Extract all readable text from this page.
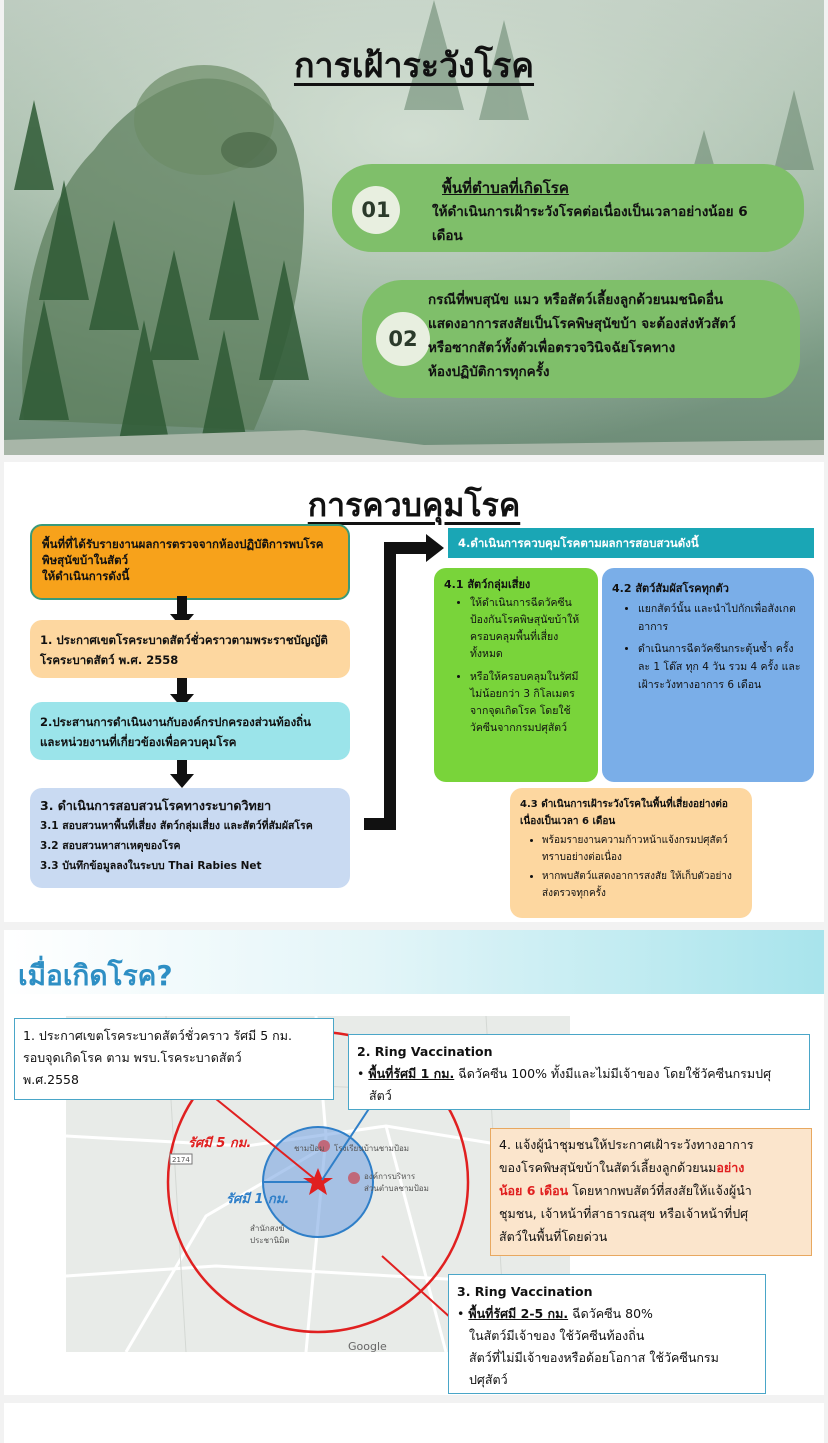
การเฝ้าระวังโรค
01
พื้นที่ตำบลที่เกิดโรค
ให้ดำเนินการเฝ้าระวังโรคต่อเนื่องเป็นเวลาอย่างน้อย 6
เดือน
02
กรณีที่พบสุนัข แมว หรือสัตว์เลี้ยงลูกด้วยนมชนิดอื่น
แสดงอาการสงสัยเป็นโรคพิษสุนัขบ้า จะต้องส่งหัวสัตว์
หรือซากสัตว์ทั้งตัวเพื่อตรวจวินิจฉัยโรคทาง
ห้องปฏิบัติการทุกครั้ง
การควบคุมโรค
พื้นที่ที่ได้รับรายงานผลการตรวจจากห้องปฏิบัติการพบโรค
พิษสุนัขบ้าในสัตว์
ให้ดำเนินการดังนี้
1. ประกาศเขตโรคระบาดสัตว์ชั่วคราวตามพระราชบัญญัติ
โรคระบาดสัตว์ พ.ศ. 2558
2.ประสานการดำเนินงานกับองค์กรปกครองส่วนท้องถิ่น
และหน่วยงานที่เกี่ยวข้องเพื่อควบคุมโรค
3. ดำเนินการสอบสวนโรคทางระบาดวิทยา
3.1 สอบสวนหาพื้นที่เสี่ยง สัตว์กลุ่มเสี่ยง และสัตว์ที่สัมผัสโรค
3.2 สอบสวนหาสาเหตุของโรค
3.3 บันทึกข้อมูลลงในระบบ Thai Rabies Net
4.ดำเนินการควบคุมโรคตามผลการสอบสวนดังนี้
4.1 สัตว์กลุ่มเสี่ยง
• ให้ดำเนินการฉีดวัคซีนป้องกันโรคพิษสุนัขบ้าให้ครอบคลุมพื้นที่เสี่ยงทั้งหมด
• หรือให้ครอบคลุมในรัศมีไม่น้อยกว่า 3 กิโลเมตร จากจุดเกิดโรค โดยใช้วัคซีนจากกรมปศุสัตว์
4.2 สัตว์สัมผัสโรคทุกตัว
• แยกสัตว์นั้น และนำไปกักเพื่อสังเกตอาการ
• ดำเนินการฉีดวัคซีนกระตุ้นซ้ำ ครั้งละ 1 โด๊ส ทุก 4 วัน รวม 4 ครั้ง และเฝ้าระวังทางอาการ 6 เดือน
4.3 ดำเนินการเฝ้าระวังโรคในพื้นที่เสี่ยงอย่างต่อเนื่องเป็นเวลา 6 เดือน
• พร้อมรายงานความก้าวหน้าแจ้งกรมปศุสัตว์ทราบอย่างต่อเนื่อง
• หากพบสัตว์แสดงอาการสงสัย ให้เก็บตัวอย่างส่งตรวจทุกครั้ง
เมื่อเกิดโรค?
รัศมี 5 กม.
รัศมี 1 กม.
ชามป้อม โรงเรียนบ้านชามป้อม
องค์การบริหาร
ส่วนตำบลชามป้อม
สำนักสงฆ์
ประชานิมิต
2174
Google
1. ประกาศเขตโรคระบาดสัตว์ชั่วคราว รัศมี 5 กม.
รอบจุดเกิดโรค ตาม พรบ.โรคระบาดสัตว์
พ.ศ.2558
2. Ring Vaccination
• พื้นที่รัศมี 1 กม. ฉีดวัคซีน 100% ทั้งมีและไม่มีเจ้าของ โดยใช้วัคซีนกรมปศุ
สัตว์
4. แจ้งผู้นำชุมชนให้ประกาศเฝ้าระวังทางอาการ
ของโรคพิษสุนัขบ้าในสัตว์เลี้ยงลูกด้วยนมอย่าง
น้อย 6 เดือน โดยหากพบสัตว์ที่สงสัยให้แจ้งผู้นำ
ชุมชน, เจ้าหน้าที่สาธารณสุข หรือเจ้าหน้าที่ปศุ
สัตว์ในพื้นที่โดยด่วน
3. Ring Vaccination
• พื้นที่รัศมี 2-5 กม. ฉีดวัคซีน 80%
ในสัตว์มีเจ้าของ ใช้วัคซีนท้องถิ่น
สัตว์ที่ไม่มีเจ้าของหรือด้อยโอกาส ใช้วัคซีนกรม
ปศุสัตว์
